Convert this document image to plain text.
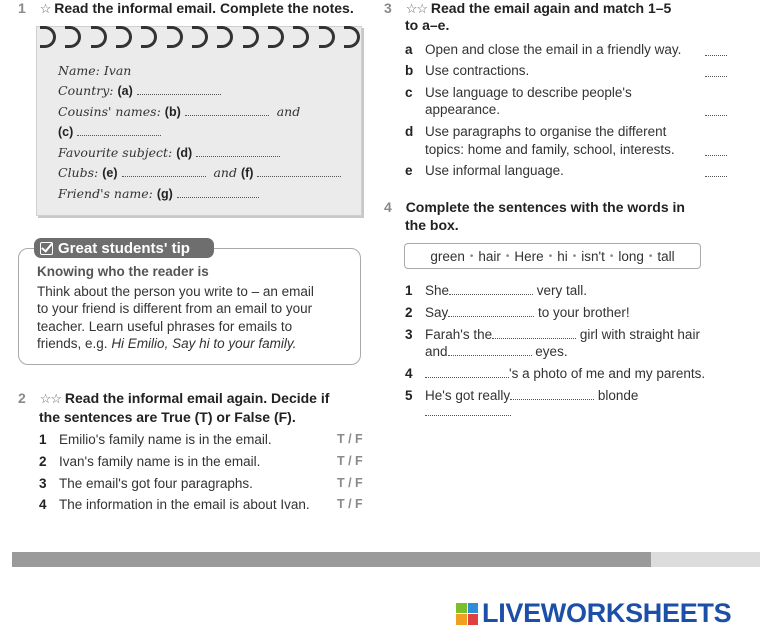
1 ☆ Read the informal email. Complete the notes.
Name: Ivan
Country: (a)
Cousins' names: (b)	and
(c)
Favourite subject: (d)
Clubs: (e)	and (f)
Friend's name: (g)
Great students' tip
Knowing who the reader is
Think about the person you write to – an email
to your friend is different from an email to your
teacher. Learn useful phrases for emails to
friends, e.g. Hi Emilio, Say hi to your family.
2 ☆☆ Read the informal email again. Decide if
the sentences are True (T) or False (F).
1 Emilio's family name is in the email.	T / F
2 Ivan's family name is in the email.	T / F
3 The email's got four paragraphs.	T / F
4 The information in the email is about Ivan. T / F
3 ☆☆ Read the email again and match 1–5
to a–e.
a Open and close the email in a friendly way.
b Use contractions.
c Use language to describe people's
appearance.
d Use paragraphs to organise the different
topics: home and family, school, interests.
e Use informal language.
4 Complete the sentences with the words in
the box.
green • hair • Here • hi • isn't • long • tall
1 She	very tall.
2 Say	to your brother!
3 Farah's the	girl with straight hair
and	eyes.
4	's a photo of me and my parents.
5 He's got really	blonde
LIVEWORKSHEETS
